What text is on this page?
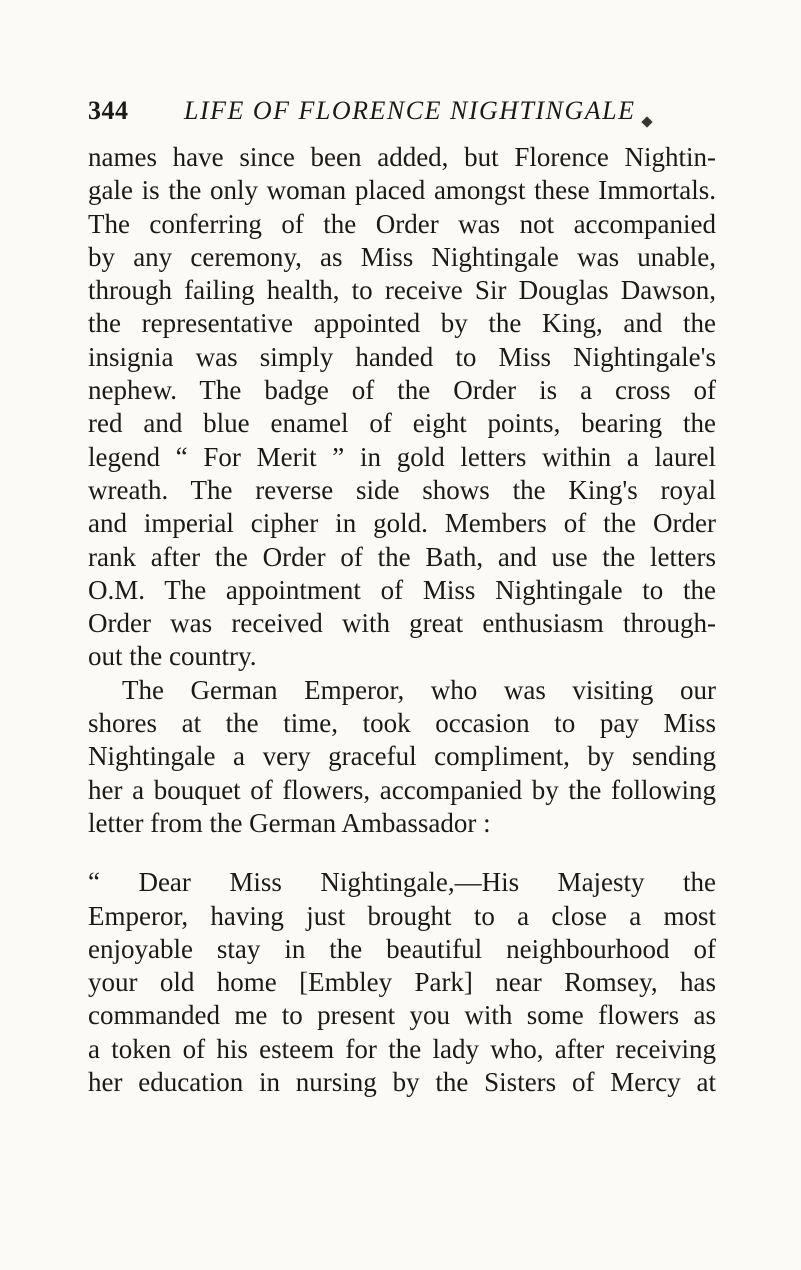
344 LIFE OF FLORENCE NIGHTINGALE
names have since been added, but Florence Nightin-
gale is the only woman placed amongst these Immortals.
The conferring of the Order was not accompanied
by any ceremony, as Miss Nightingale was unable,
through failing health, to receive Sir Douglas Dawson,
the representative appointed by the King, and the
insignia was simply handed to Miss Nightingale's
nephew. The badge of the Order is a cross of
red and blue enamel of eight points, bearing the
legend “ For Merit ” in gold letters within a laurel
wreath. The reverse side shows the King's royal
and imperial cipher in gold. Members of the Order
rank after the Order of the Bath, and use the letters
O.M. The appointment of Miss Nightingale to the
Order was received with great enthusiasm through-
out the country.
The German Emperor, who was visiting our
shores at the time, took occasion to pay Miss
Nightingale a very graceful compliment, by sending
her a bouquet of flowers, accompanied by the following
letter from the German Ambassador :
“ Dear Miss Nightingale,—His Majesty the
Emperor, having just brought to a close a most
enjoyable stay in the beautiful neighbourhood of
your old home [Embley Park] near Romsey, has
commanded me to present you with some flowers as
a token of his esteem for the lady who, after receiving
her education in nursing by the Sisters of Mercy at
